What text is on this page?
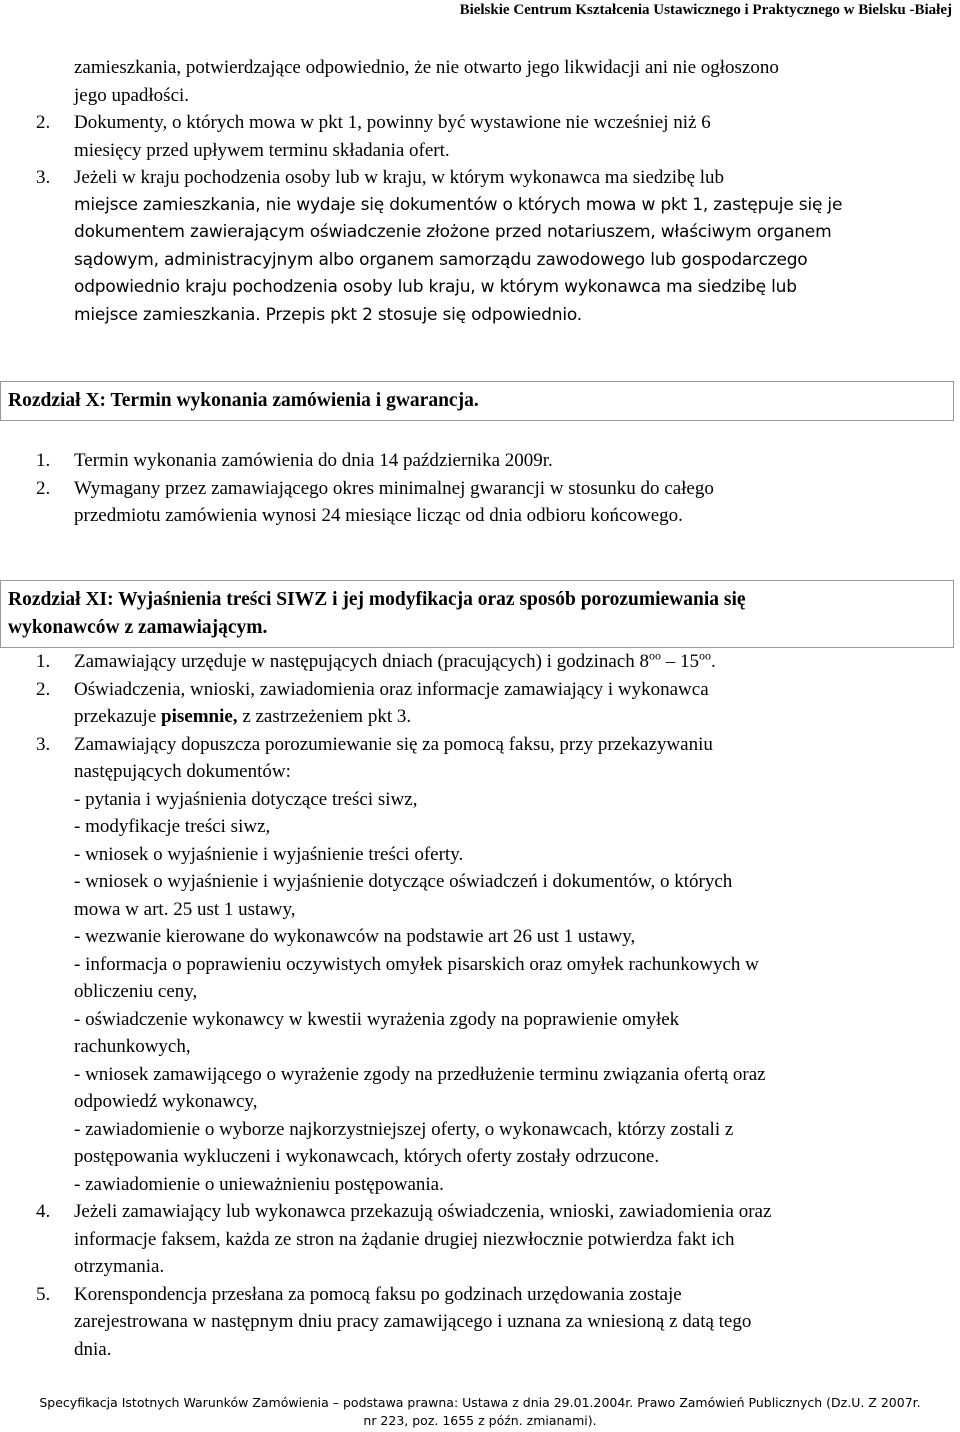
Bielskie Centrum Kształcenia Ustawicznego i Praktycznego w Bielsku -Białej
zamieszkania, potwierdzające odpowiednio, że nie otwarto jego likwidacji ani nie ogłoszono
jego upadłości.
2. Dokumenty, o których mowa w pkt 1, powinny być wystawione nie wcześniej niż 6
miesięcy przed upływem terminu składania ofert.
3. Jeżeli w kraju pochodzenia osoby lub w kraju, w którym wykonawca ma siedzibę lub
miejsce zamieszkania, nie wydaje się dokumentów o których mowa w pkt 1, zastępuje się je
dokumentem zawierającym oświadczenie złożone przed notariuszem, właściwym organem
sądowym, administracyjnym albo organem samorządu zawodowego lub gospodarczego
odpowiednio kraju pochodzenia osoby lub kraju, w którym wykonawca ma siedzibę lub
miejsce zamieszkania. Przepis pkt 2 stosuje się odpowiednio.
Rozdział X: Termin wykonania zamówienia i gwarancja.
1. Termin wykonania zamówienia do dnia 14 października 2009r.
2. Wymagany przez zamawiającego okres minimalnej gwarancji w stosunku do całego
przedmiotu zamówienia wynosi 24 miesiące licząc od dnia odbioru końcowego.
Rozdział XI: Wyjaśnienia treści SIWZ i jej modyfikacja oraz sposób porozumiewania się
wykonawców z zamawiającym.
1. Zamawiający urzęduje w następujących dniach (pracujących) i godzinach $8^{oo} - 15^{oo}$.
2. Oświadczenia, wnioski, zawiadomienia oraz informacje zamawiający i wykonawca
przekazuje pisemnie, z zastrzeżeniem pkt 3.
3. Zamawiający dopuszcza porozumiewanie się za pomocą faksu, przy przekazywaniu
następujących dokumentów:
- pytania i wyjaśnienia dotyczące treści siwz,
- modyfikacje treści siwz,
- wniosek o wyjaśnienie i wyjaśnienie treści oferty.
- wniosek o wyjaśnienie i wyjaśnienie dotyczące oświadczeń i dokumentów, o których
mowa w art. 25 ust 1 ustawy,
- wezwanie kierowane do wykonawców na podstawie art 26 ust 1 ustawy,
- informacja o poprawieniu oczywistych omyłek pisarskich oraz omyłek rachunkowych w
obliczeniu ceny,
- oświadczenie wykonawcy w kwestii wyrażenia zgody na poprawienie omyłek
rachunkowych,
- wniosek zamawijącego o wyrażenie zgody na przedłużenie terminu związania ofertą oraz
odpowiedź wykonawcy,
- zawiadomienie o wyborze najkorzystniejszej oferty, o wykonawcach, którzy zostali z
postępowania wykluczeni i wykonawcach, których oferty zostały odrzucone.
- zawiadomienie o unieważnieniu postępowania.
4. Jeżeli zamawiający lub wykonawca przekazują oświadczenia, wnioski, zawiadomienia oraz
informacje faksem, każda ze stron na żądanie drugiej niezwłocznie potwierdza fakt ich
otrzymania.
5. Korenspondencja przesłana za pomocą faksu po godzinach urzędowania zostaje
zarejestrowana w następnym dniu pracy zamawijącego i uznana za wniesioną z datą tego
dnia.
Specyfikacja Istotnych Warunków Zamówienia – podstawa prawna: Ustawa z dnia 29.01.2004r. Prawo Zamówień Publicznych (Dz.U. Z 2007r.
nr 223, poz. 1655 z późn. zmianami).
